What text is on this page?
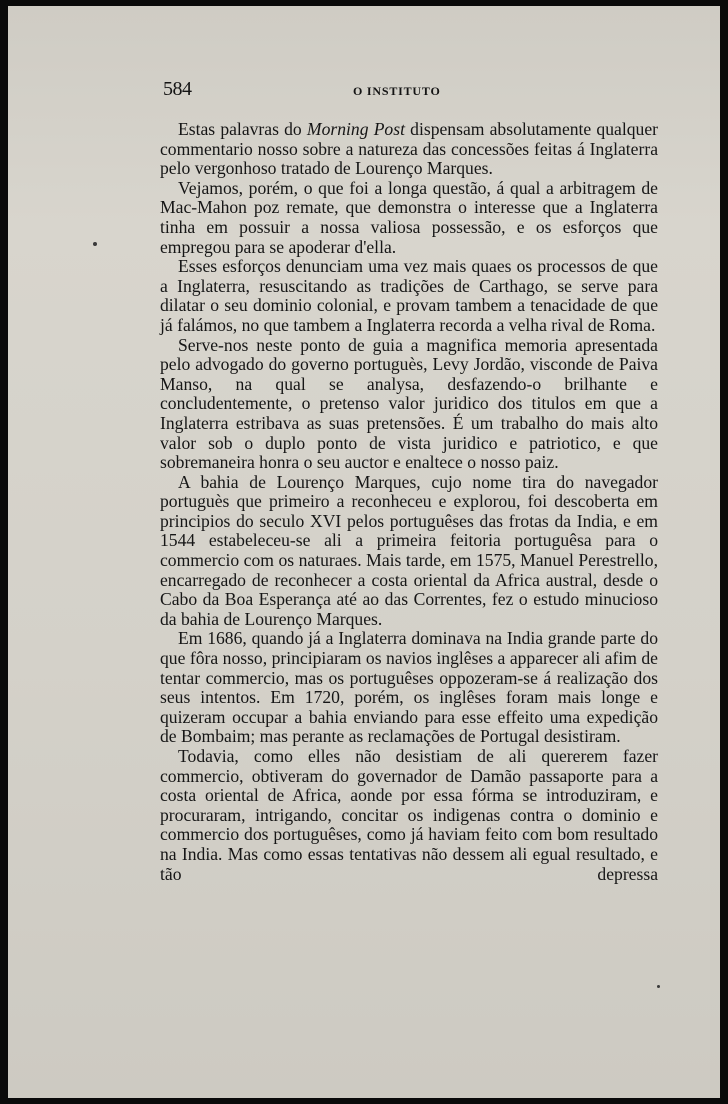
584	O INSTITUTO

Estas palavras do Morning Post dispensam absolutamente qualquer commentario nosso sobre a natureza das concessões feitas á Inglaterra pelo vergonhoso tratado de Lourenço Marques.

Vejamos, porém, o que foi a longa questão, á qual a arbitragem de Mac-Mahon poz remate, que demonstra o interesse que a Inglaterra tinha em possuir a nossa valiosa possessão, e os esforços que empregou para se apoderar d'ella.

Esses esforços denunciam uma vez mais quaes os processos de que a Inglaterra, resuscitando as tradições de Carthago, se serve para dilatar o seu dominio colonial, e provam tambem a tenacidade de que já falámos, no que tambem a Inglaterra recorda a velha rival de Roma.

Serve-nos neste ponto de guia a magnifica memoria apresentada pelo advogado do governo portuguès, Levy Jordão, visconde de Paiva Manso, na qual se analysa, desfazendo-o brilhante e concludentemente, o pretenso valor juridico dos titulos em que a Inglaterra estribava as suas pretensões. É um trabalho do mais alto valor sob o duplo ponto de vista juridico e patriotico, e que sobremaneira honra o seu auctor e enaltece o nosso paiz.

A bahia de Lourenço Marques, cujo nome tira do navegador portuguès que primeiro a reconheceu e explorou, foi descoberta em principios do seculo XVI pelos portuguêses das frotas da India, e em 1544 estabeleceu-se ali a primeira feitoria portuguêsa para o commercio com os naturaes. Mais tarde, em 1575, Manuel Perestrello, encarregado de reconhecer a costa oriental da Africa austral, desde o Cabo da Boa Esperança até ao das Correntes, fez o estudo minucioso da bahia de Lourenço Marques.

Em 1686, quando já a Inglaterra dominava na India grande parte do que fôra nosso, principiaram os navios inglêses a apparecer ali afim de tentar commercio, mas os portuguêses oppozeram-se á realização dos seus intentos. Em 1720, porém, os inglêses foram mais longe e quizeram occupar a bahia enviando para esse effeito uma expedição de Bombaim; mas perante as reclamações de Portugal desistiram.

Todavia, como elles não desistiam de ali quererem fazer commercio, obtiveram do governador de Damão passaporte para a costa oriental de Africa, aonde por essa fórma se introduziram, e procuraram, intrigando, concitar os indigenas contra o dominio e commercio dos portuguêses, como já haviam feito com bom resultado na India. Mas como essas tentativas não dessem ali egual resultado, e tão depressa
